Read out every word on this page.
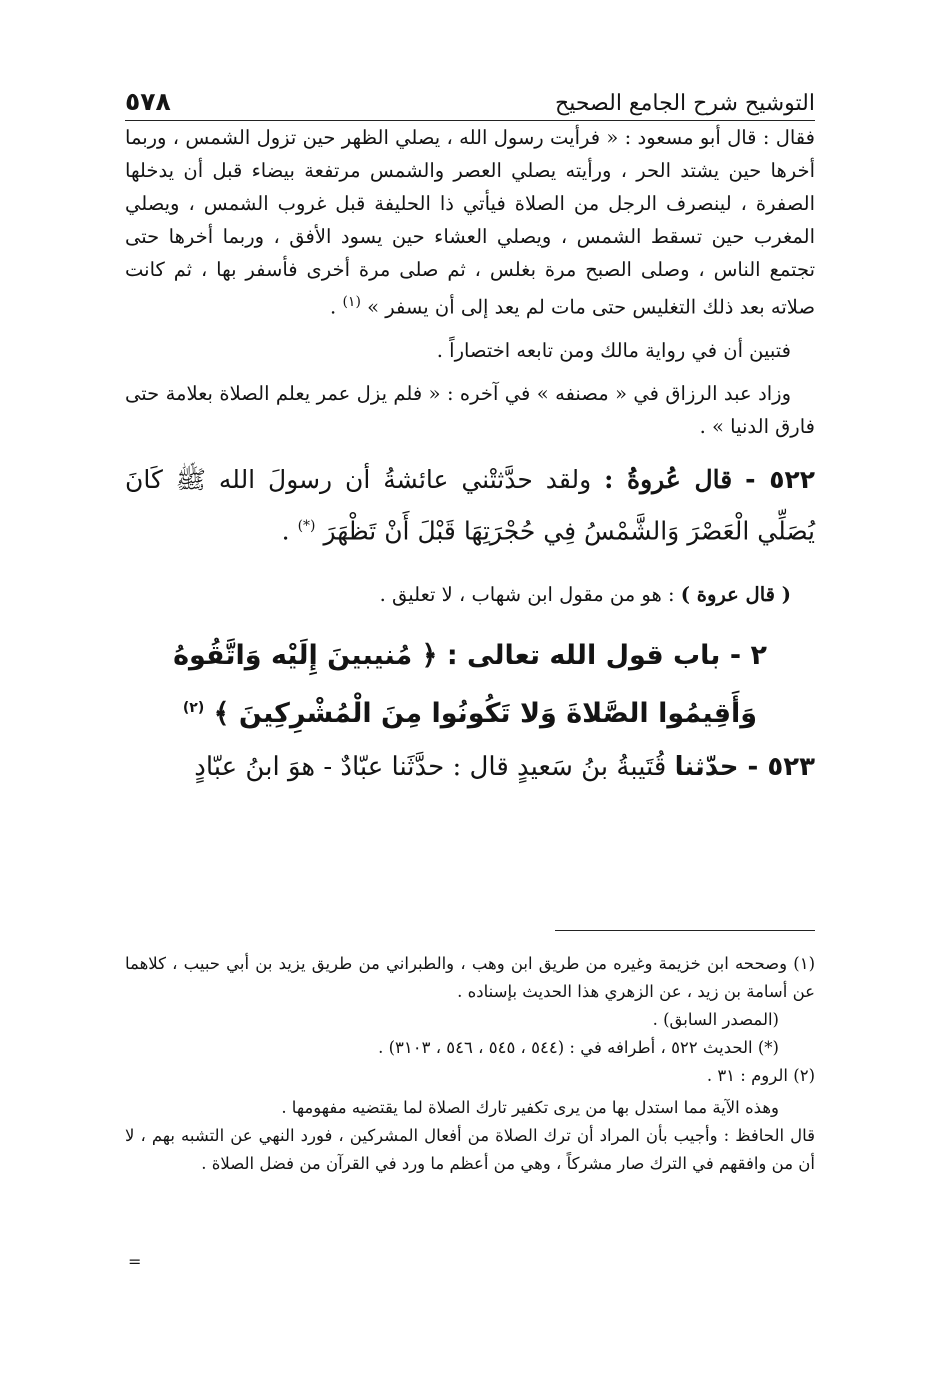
التوشيح شرح الجامع الصحيح
٥٧٨

فقال : قال أبو مسعود : « فرأيت رسول الله ، يصلي الظهر حين تزول الشمس ، وربما أخرها حين يشتد الحر ، ورأيته يصلي العصر والشمس مرتفعة بيضاء قبل أن يدخلها الصفرة ، لينصرف الرجل من الصلاة فيأتي ذا الحليفة قبل غروب الشمس ، ويصلي المغرب حين تسقط الشمس ، ويصلي العشاء حين يسود الأفق ، وربما أخرها حتى تجتمع الناس ، وصلى الصبح مرة بغلس ، ثم صلى مرة أخرى فأسفر بها ، ثم كانت صلاته بعد ذلك التغليس حتى مات لم يعد إلى أن يسفر » $^{(١)}$ .

فتبين أن في رواية مالك ومن تابعه اختصاراً .

وزاد عبد الرزاق في « مصنفه » في آخره : « فلم يزل عمر يعلم الصلاة بعلامة حتى فارق الدنيا » .

٥٢٢ - قال عُروةُ : ولقد حدَّثتْني عائشةُ أن رسولَ الله ﷺ كَانَ يُصَلِّي الْعَصْرَ وَالشَّمْسُ فِي حُجْرَتِهَا قَبْلَ أَنْ تَظْهَرَ (*) .

( قال عروة ) : هو من مقول ابن شهاب ، لا تعليق .

٢ - باب قول الله تعالى : ﴿ مُنيبينَ إِلَيْه وَاتَّقُوهُ
وَأَقِيمُوا الصَّلاةَ وَلا تَكُونُوا مِنَ الْمُشْرِكِينَ ﴾ $^{(٢)}$

٥٢٣ - حدّثنا قُتَيبةُ بنُ سَعيدٍ قال : حدَّثَنا عبّادٌ - هوَ ابنُ عبّادٍ

(١) وصححه ابن خزيمة وغيره من طريق ابن وهب ، والطبراني من طريق يزيد بن أبي حبيب ، كلاهما عن أسامة بن زيد ، عن الزهري هذا الحديث بإسناده .

(المصدر السابق) .

(*) الحديث ٥٢٢ ، أطرافه في : (٥٤٤ ، ٥٤٥ ، ٥٤٦ ، ٣١٠٣) .

(٢) الروم : ٣١ .

وهذه الآية مما استدل بها من يرى تكفير تارك الصلاة لما يقتضيه مفهومها .

قال الحافظ : وأجيب بأن المراد أن ترك الصلاة من أفعال المشركين ، فورد النهي عن التشبه بهم ، لا أن من وافقهم في الترك صار مشركاً ، وهي من أعظم ما ورد في القرآن من فضل الصلاة .

=
